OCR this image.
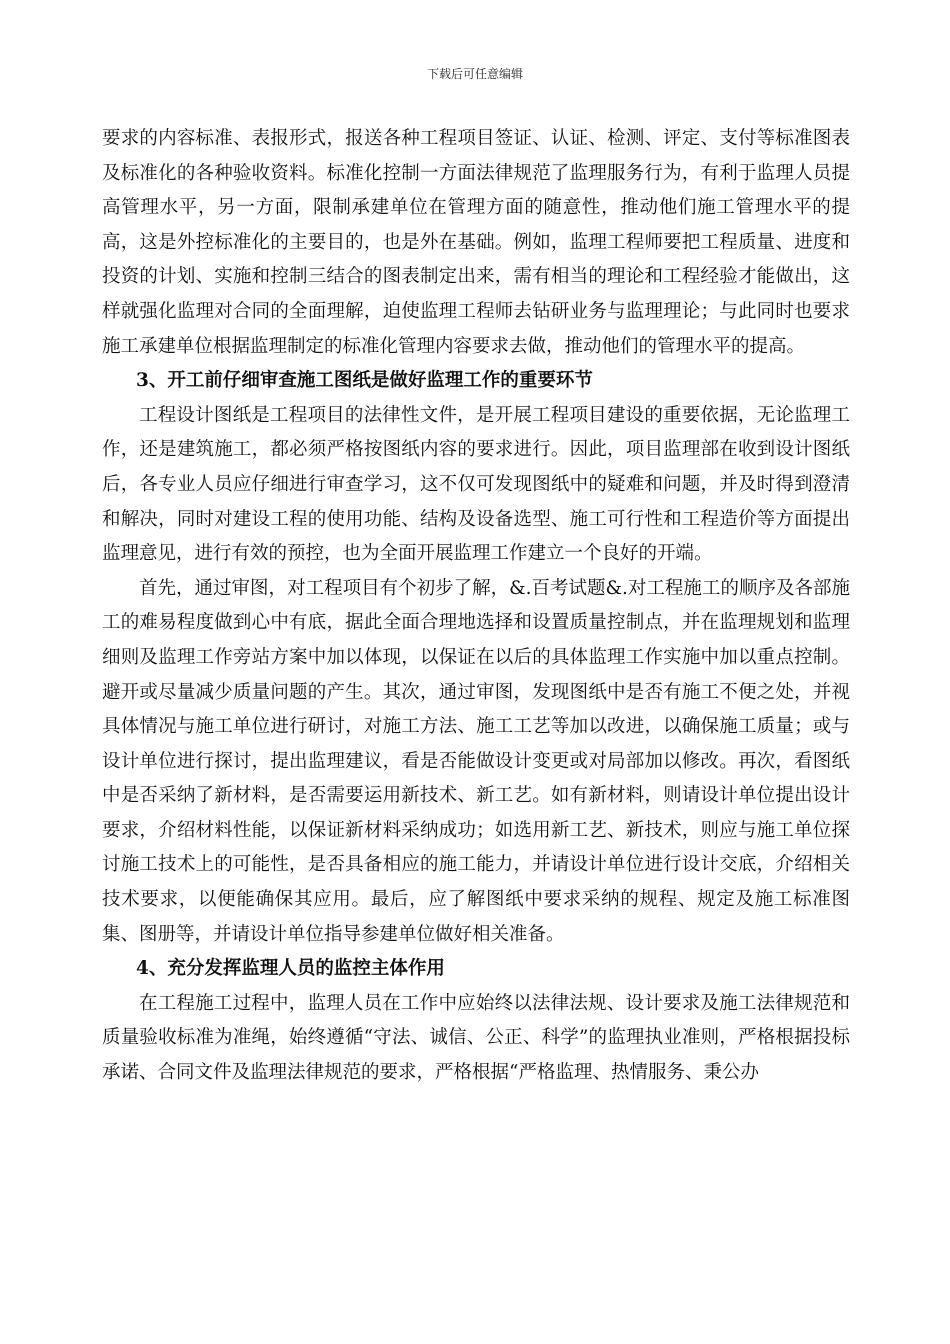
下载后可任意编辑

要求的内容标准、表报形式，报送各种工程项目签证、认证、检测、评定、支付等标准图表及标准化的各种验收资料。标准化控制一方面法律规范了监理服务行为，有利于监理人员提高管理水平，另一方面，限制承建单位在管理方面的随意性，推动他们施工管理水平的提高，这是外控标准化的主要目的，也是外在基础。例如，监理工程师要把工程质量、进度和投资的计划、实施和控制三结合的图表制定出来，需有相当的理论和工程经验才能做出，这样就强化监理对合同的全面理解，迫使监理工程师去钻研业务与监理理论；与此同时也要求施工承建单位根据监理制定的标准化管理内容要求去做，推动他们的管理水平的提高。

3、开工前仔细审查施工图纸是做好监理工作的重要环节

工程设计图纸是工程项目的法律性文件，是开展工程项目建设的重要依据，无论监理工作，还是建筑施工，都必须严格按图纸内容的要求进行。因此，项目监理部在收到设计图纸后，各专业人员应仔细进行审查学习，这不仅可发现图纸中的疑难和问题，并及时得到澄清和解决，同时对建设工程的使用功能、结构及设备选型、施工可行性和工程造价等方面提出监理意见，进行有效的预控，也为全面开展监理工作建立一个良好的开端。

首先，通过审图，对工程项目有个初步了解，&.百考试题&.对工程施工的顺序及各部施工的难易程度做到心中有底，据此全面合理地选择和设置质量控制点，并在监理规划和监理细则及监理工作旁站方案中加以体现，以保证在以后的具体监理工作实施中加以重点控制。避开或尽量减少质量问题的产生。其次，通过审图，发现图纸中是否有施工不便之处，并视具体情况与施工单位进行研讨，对施工方法、施工工艺等加以改进，以确保施工质量；或与设计单位进行探讨，提出监理建议，看是否能做设计变更或对局部加以修改。再次，看图纸中是否采纳了新材料，是否需要运用新技术、新工艺。如有新材料，则请设计单位提出设计要求，介绍材料性能，以保证新材料采纳成功；如选用新工艺、新技术，则应与施工单位探讨施工技术上的可能性，是否具备相应的施工能力，并请设计单位进行设计交底，介绍相关技术要求，以便能确保其应用。最后，应了解图纸中要求采纳的规程、规定及施工标准图集、图册等，并请设计单位指导参建单位做好相关准备。

4、充分发挥监理人员的监控主体作用

在工程施工过程中，监理人员在工作中应始终以法律法规、设计要求及施工法律规范和质量验收标准为准绳，始终遵循“守法、诚信、公正、科学”的监理执业准则，严格根据投标承诺、合同文件及监理法律规范的要求，严格根据“严格监理、热情服务、秉公办
